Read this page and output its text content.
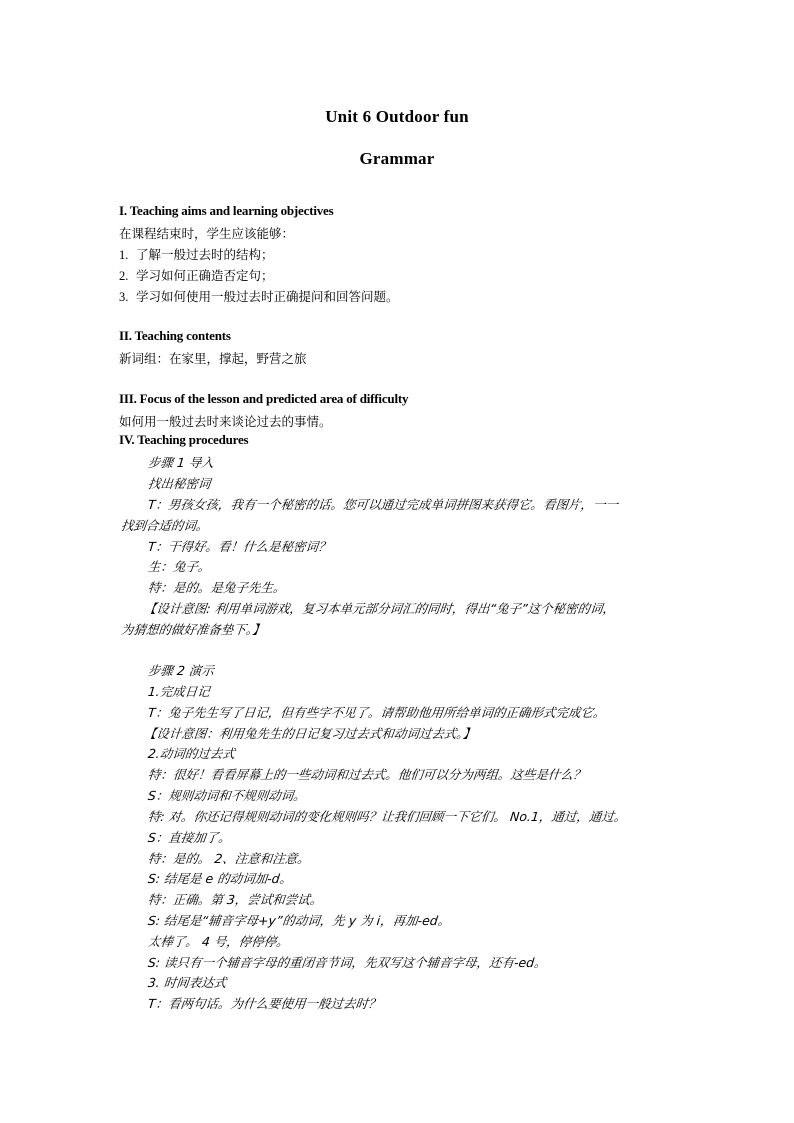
Unit 6 Outdoor fun
Grammar
I. Teaching aims and learning objectives
在课程结束时，学生应该能够：
1. 了解一般过去时的结构；
2. 学习如何正确造否定句；
3. 学习如何使用一般过去时正确提问和回答问题。
II. Teaching contents
新词组：在家里，撑起，野营之旅
III. Focus of the lesson and predicted area of difficulty
如何用一般过去时来谈论过去的事情。
IV. Teaching procedures
步骤 1 导入
找出秘密词
T：男孩女孩，我有一个秘密的话。您可以通过完成单词拼图来获得它。看图片，一一
找到合适的词。
T：干得好。看！什么是秘密词？
生：兔子。
特：是的。是兔子先生。
【设计意图: 利用单词游戏，复习本单元部分词汇的同时，得出“兔子”这个秘密的词，
为猜想的做好准备垫下。】
步骤 2 演示
1.完成日记
T：兔子先生写了日记，但有些字不见了。请帮助他用所给单词的正确形式完成它。
【设计意图：利用兔先生的日记复习过去式和动词过去式。】
2.动词的过去式
特：很好！看看屏幕上的一些动词和过去式。他们可以分为两组。这些是什么？
S：规则动词和不规则动词。
特: 对。你还记得规则动词的变化规则吗？让我们回顾一下它们。 No.1，通过，通过。
S：直接加了。
特：是的。 2、注意和注意。
S: 结尾是 e 的动词加-d。
特：正确。第 3，尝试和尝试。
S: 结尾是“辅音字母+y”的动词，先 y 为 i，再加-ed。
太棒了。 4 号，停停停。
S: 读只有一个辅音字母的重闭音节词，先双写这个辅音字母，还有-ed。
3. 时间表达式
T：看两句话。为什么要使用一般过去时？
